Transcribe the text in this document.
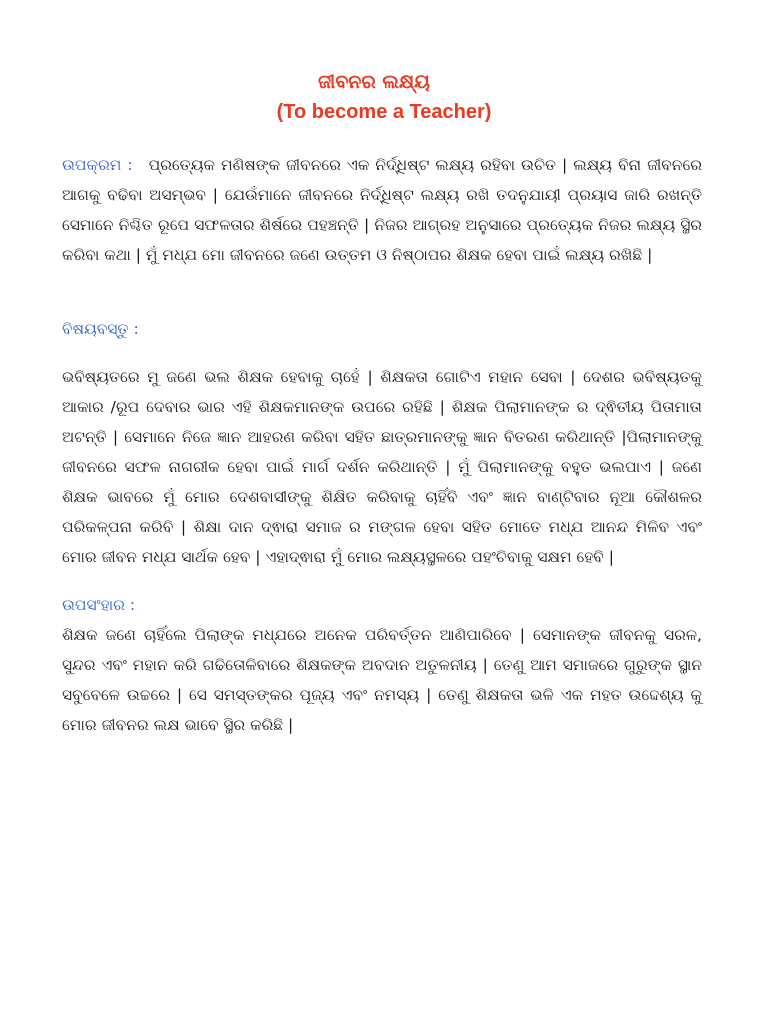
ଜୀବନର ଲକ୍ଷ୍ୟ
(To become a Teacher)

ଉପକ୍ରମ : ପ୍ରତ୍ୟେକ ମଣିଷଙ୍କ ଜୀବନରେ ଏକ ନିର୍ଦ୍ଧିଷ୍ଟ ଲକ୍ଷ୍ୟ ରହିବା ଉଚିତ | ଲକ୍ଷ୍ୟ ବିନା ଜୀବନରେ ଆଗକୁ ବଢିବା ଅସମ୍ଭବ | ଯେଉଁମାନେ ଜୀବନରେ ନିର୍ଦ୍ଧିଷ୍ଟ ଲକ୍ଷ୍ୟ ରଖି ତଦନୁଯାୟୀ ପ୍ରୟାସ ଜାରି ରଖନ୍ତି ସେମାନେ ନିଶ୍ଚିତ ରୂପେ ସଫଳତାର ଶିର୍ଷରେ ପହଞ୍ଚନ୍ତି | ନିଜର ଆଗ୍ରହ ଅନୁସାରେ ପ୍ରତ୍ୟେକ ନିଜର ଲକ୍ଷ୍ୟ ସ୍ଥିର କରିବା କଥା | ମୁଁ ମଧ୍ଯ ମୋ ଜୀବନରେ ଜଣେ ଉତ୍ତମ ଓ ନିଷ୍ଠାପର ଶିକ୍ଷକ ହେବା ପାଇଁ ଲକ୍ଷ୍ୟ ରଖିଛି |

ବିଷୟବସ୍ତୁ :

ଭବିଷ୍ୟତରେ ମୁ ଜଣେ ଭଲ ଶିକ୍ଷକ ହେବାକୁ ଚାହେଁ | ଶିକ୍ଷକତା ଗୋଟିଏ ମହାନ ସେବା | ଦେଶର ଭବିଷ୍ୟତକୁ ଆକାର /ରୂପ ଦେବାର ଭାର ଏହି ଶିକ୍ଷକମାନଙ୍କ ଉପରେ ରହିଛି | ଶିକ୍ଷକ ପିଲାମାନଙ୍କ ର ଦ୍ଵିତୀୟ ପିତାମାତା ଅଟନ୍ତି | ସେମାନେ ନିଜେ ଜ୍ଞାନ ଆହରଣ କରିବା ସହିତ ଛାତ୍ରମାନଙ୍କୁ ଜ୍ଞାନ ବିତରଣ କରିଥାନ୍ତି |ପିଲାମାନଙ୍କୁ ଜୀବନରେ ସଫଳ ନାଗରୀକ ହେବା ପାଇଁ ମାର୍ଗ ଦର୍ଶନ କରିଥାନ୍ତି | ମୁଁ ପିଲାମାନଙ୍କୁ ବହୁତ ଭଲପାଏ | ଜଣେ ଶିକ୍ଷକ ଭାବରେ ମୁଁ ମୋର ଦେଶବାସୀଙ୍କୁ ଶିକ୍ଷିତ କରିବାକୁ ଚାହିଁବି ଏବଂ ଜ୍ଞାନ ବାଣ୍ଟିବାର ନୂଆ କୌଶଳର ପରିକଳ୍ପନା କରିବି | ଶିକ୍ଷା ଦାନ ଦ୍ଵାରା ସମାଜ ର ମଙ୍ଗଳ ହେବା ସହିତ ମୋତେ ମଧ୍ଯ ଆନନ୍ଦ ମିଳିବ ଏବଂ ମୋର ଜୀବନ ମଧ୍ଯ ସାର୍ଥକ ହେବ | ଏହାଦ୍ଵାରା ମୁଁ ମୋର ଲକ୍ଷ୍ୟସ୍ଥଳରେ ପହଂଚିବାକୁ ସକ୍ଷମ ହେବି |

ଉପସଂହାର :

ଶିକ୍ଷକ ଜଣେ ଚାହିଁଲେ ପିଲାଙ୍କ ମଧ୍ଯରେ ଅନେକ ପରିବର୍ତ୍ତନ ଆଣିପାରିବେ | ସେମାନଙ୍କ ଜୀବନକୁ ସରଳ, ସୁନ୍ଦର ଏବଂ ମହାନ କରି ଗଢିତୋଳିବାରେ ଶିକ୍ଷକଙ୍କ ଅବଦାନ ଅତୁଳନୀୟ | ତେଣୁ ଆମ ସମାଜରେ ଗୁରୁଙ୍କ ସ୍ଥାନ ସବୁବେଳେ ଉଚ୍ଚରେ | ସେ ସମସ୍ତଙ୍କର ପୂଜ୍ୟ ଏବଂ ନମସ୍ୟ | ତେଣୁ ଶିକ୍ଷକତା ଭଳି ଏକ ମହତ ଉଦ୍ଦେଶ୍ୟ କୁ ମୋର ଜୀବନର ଲକ୍ଷ ଭାବେ ସ୍ଥିର କରିଛି |
